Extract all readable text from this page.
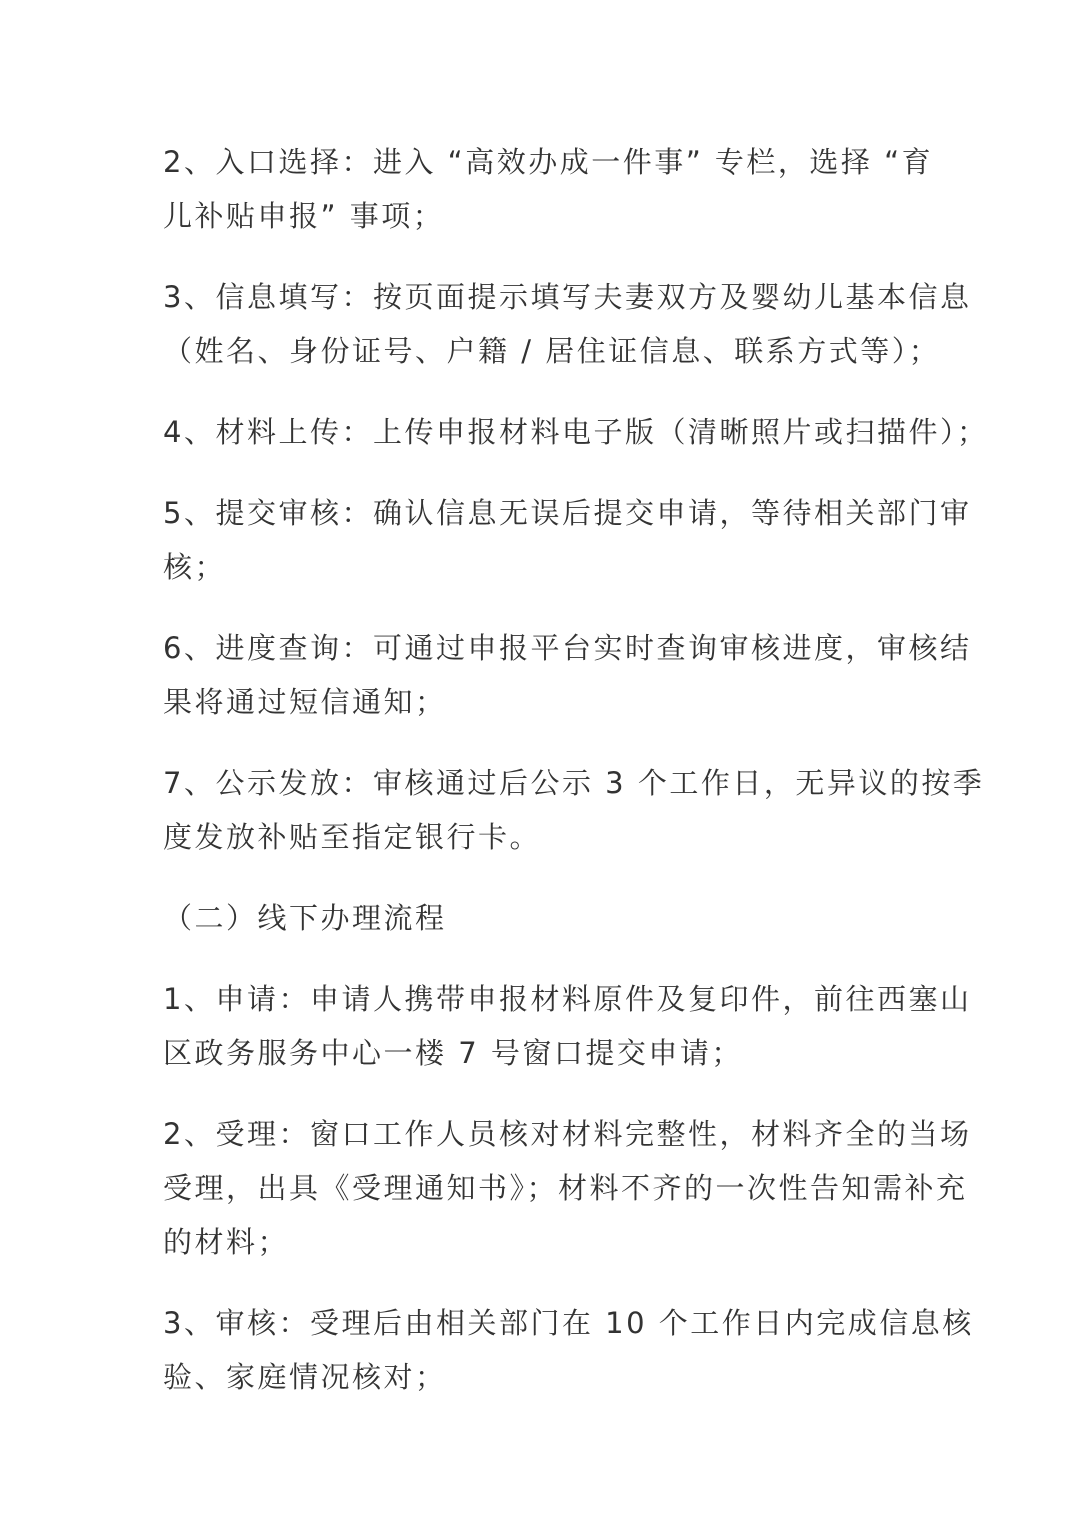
2、入口选择：进入 “高效办成一件事” 专栏，选择 “育
儿补贴申报” 事项；

3、信息填写：按页面提示填写夫妻双方及婴幼儿基本信息
（姓名、身份证号、户籍 / 居住证信息、联系方式等）；

4、材料上传：上传申报材料电子版（清晰照片或扫描件）；

5、提交审核：确认信息无误后提交申请，等待相关部门审
核；

6、进度查询：可通过申报平台实时查询审核进度，审核结
果将通过短信通知；

7、公示发放：审核通过后公示 3 个工作日，无异议的按季
度发放补贴至指定银行卡。

（二）线下办理流程

1、申请：申请人携带申报材料原件及复印件，前往西塞山
区政务服务中心一楼 7 号窗口提交申请；

2、受理：窗口工作人员核对材料完整性，材料齐全的当场
受理，出具《受理通知书》；材料不齐的一次性告知需补充
的材料；

3、审核：受理后由相关部门在 10 个工作日内完成信息核
验、家庭情况核对；
